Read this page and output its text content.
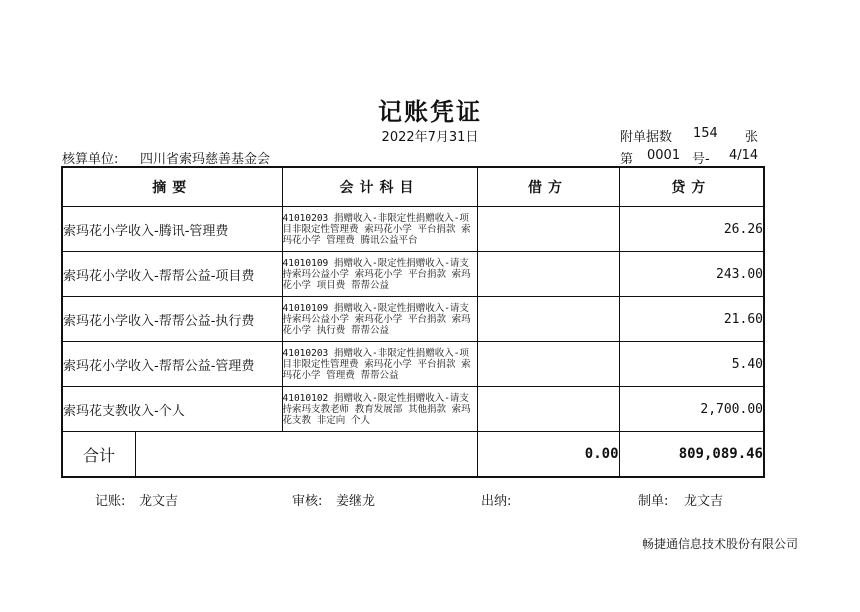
记账凭证
2022年7月31日	附单据数 154 张
核算单位: 四川省索玛慈善基金会	第 0001 号- 4/14
摘要	会计科目	借方	贷方
索玛花小学收入-腾讯-管理费	41010203 捐赠收入-非限定性捐赠收入-项目非限定性管理费 索玛花小学 平台捐款 索玛花小学 管理费 腾讯公益平台		26.26
索玛花小学收入-帮帮公益-项目费	41010109 捐赠收入-限定性捐赠收入-请支持索玛公益小学 索玛花小学 平台捐款 索玛花小学 项目费 帮帮公益		243.00
索玛花小学收入-帮帮公益-执行费	41010109 捐赠收入-限定性捐赠收入-请支持索玛公益小学 索玛花小学 平台捐款 索玛花小学 执行费 帮帮公益		21.60
索玛花小学收入-帮帮公益-管理费	41010203 捐赠收入-非限定性捐赠收入-项目非限定性管理费 索玛花小学 平台捐款 索玛花小学 管理费 帮帮公益		5.40
索玛花支教收入-个人	41010102 捐赠收入-限定性捐赠收入-请支持索玛支教老师 教育发展部 其他捐款 索玛花支教 非定向 个人		2,700.00

合计		0.00	809,089.46
记账: 龙文吉	审核: 姜继龙	出纳:	制单: 龙文吉
畅捷通信息技术股份有限公司
